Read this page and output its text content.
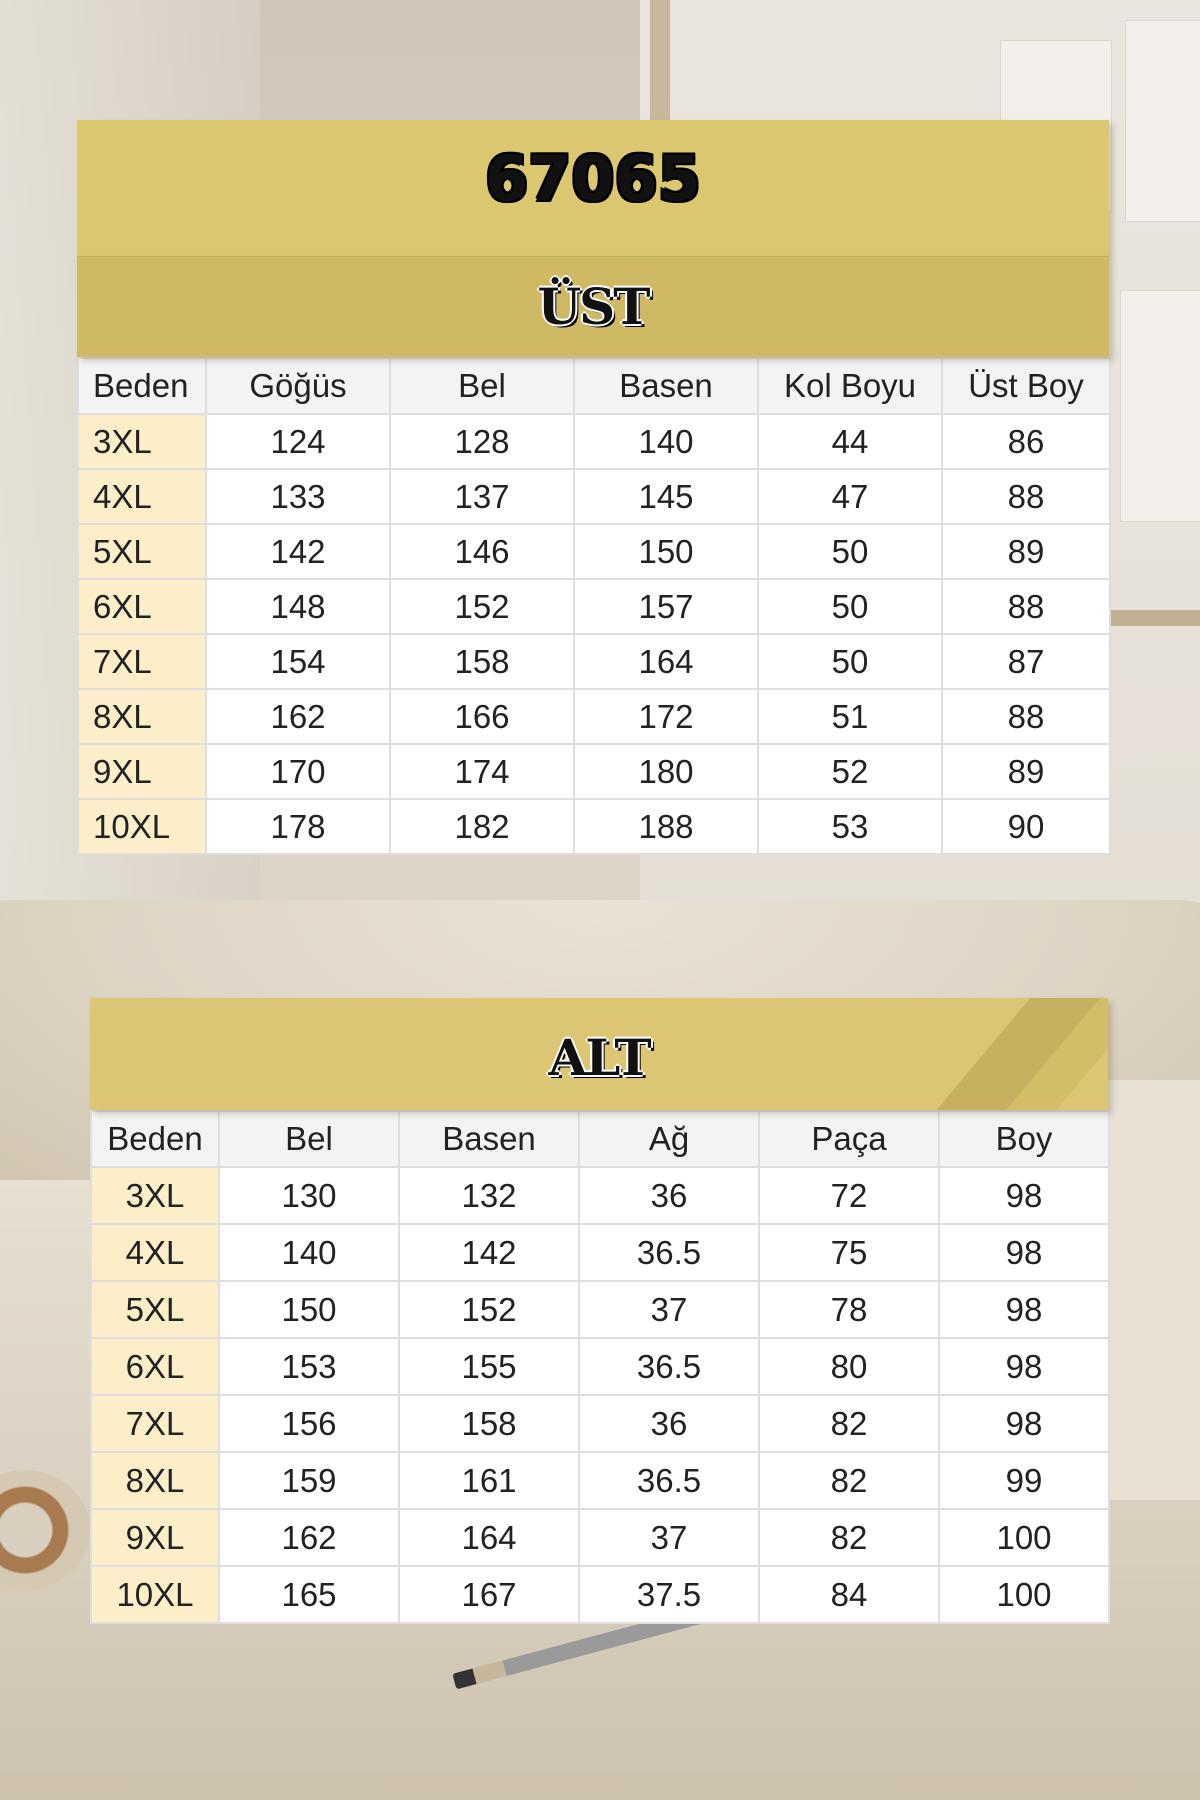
67065
ÜST
Beden	Göğüs	Bel	Basen	Kol Boyu	Üst Boy
3XL	124	128	140	44	86
4XL	133	137	145	47	88
5XL	142	146	150	50	89
6XL	148	152	157	50	88
7XL	154	158	164	50	87
8XL	162	166	172	51	88
9XL	170	174	180	52	89
10XL	178	182	188	53	90
ALT
Beden	Bel	Basen	Ağ	Paça	Boy
3XL	130	132	36	72	98
4XL	140	142	36.5	75	98
5XL	150	152	37	78	98
6XL	153	155	36.5	80	98
7XL	156	158	36	82	98
8XL	159	161	36.5	82	99
9XL	162	164	37	82	100
10XL	165	167	37.5	84	100
